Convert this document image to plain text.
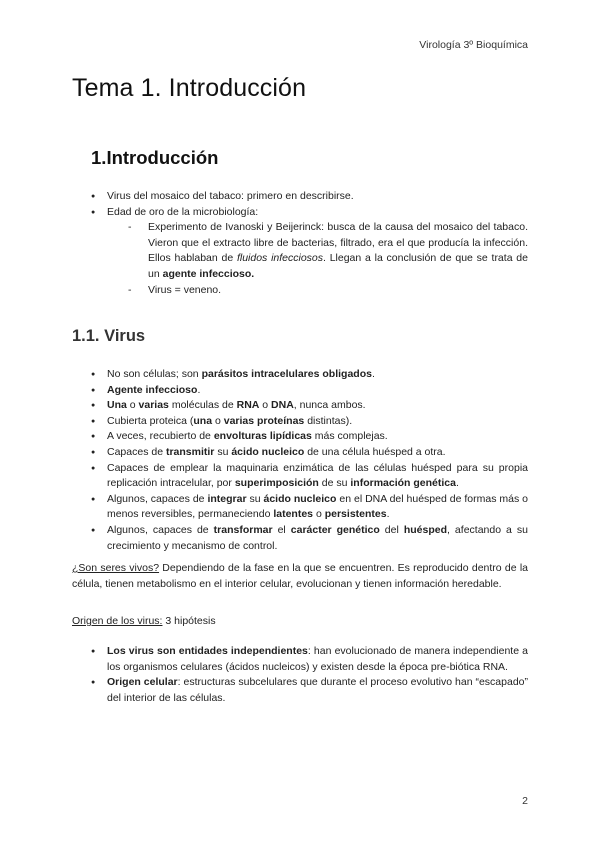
Virología 3º Bioquímica
Tema 1. Introducción
1.Introducción
● Virus del mosaico del tabaco: primero en describirse.
● Edad de oro de la microbiología:
- Experimento de Ivanoski y Beijerinck: busca de la causa del mosaico del tabaco. Vieron que el extracto libre de bacterias, filtrado, era el que producía la infección. Ellos hablaban de fluidos infecciosos. Llegan a la conclusión de que se trata de un agente infeccioso.
- Virus = veneno.
1.1. Virus
● No son células; son parásitos intracelulares obligados.
● Agente infeccioso.
● Una o varias moléculas de RNA o DNA, nunca ambos.
● Cubierta proteica (una o varias proteínas distintas).
● A veces, recubierto de envolturas lipídicas más complejas.
● Capaces de transmitir su ácido nucleico de una célula huésped a otra.
● Capaces de emplear la maquinaria enzimática de las células huésped para su propia replicación intracelular, por superimposición de su información genética.
● Algunos, capaces de integrar su ácido nucleico en el DNA del huésped de formas más o menos reversibles, permaneciendo latentes o persistentes.
● Algunos, capaces de transformar el carácter genético del huésped, afectando a su crecimiento y mecanismo de control.
¿Son seres vivos? Dependiendo de la fase en la que se encuentren. Es reproducido dentro de la célula, tienen metabolismo en el interior celular, evolucionan y tienen información heredable.
Origen de los virus: 3 hipótesis
● Los virus son entidades independientes: han evolucionado de manera independiente a los organismos celulares (ácidos nucleicos) y existen desde la época pre-biótica RNA.
● Origen celular: estructuras subcelulares que durante el proceso evolutivo han “escapado” del interior de las células.
2
